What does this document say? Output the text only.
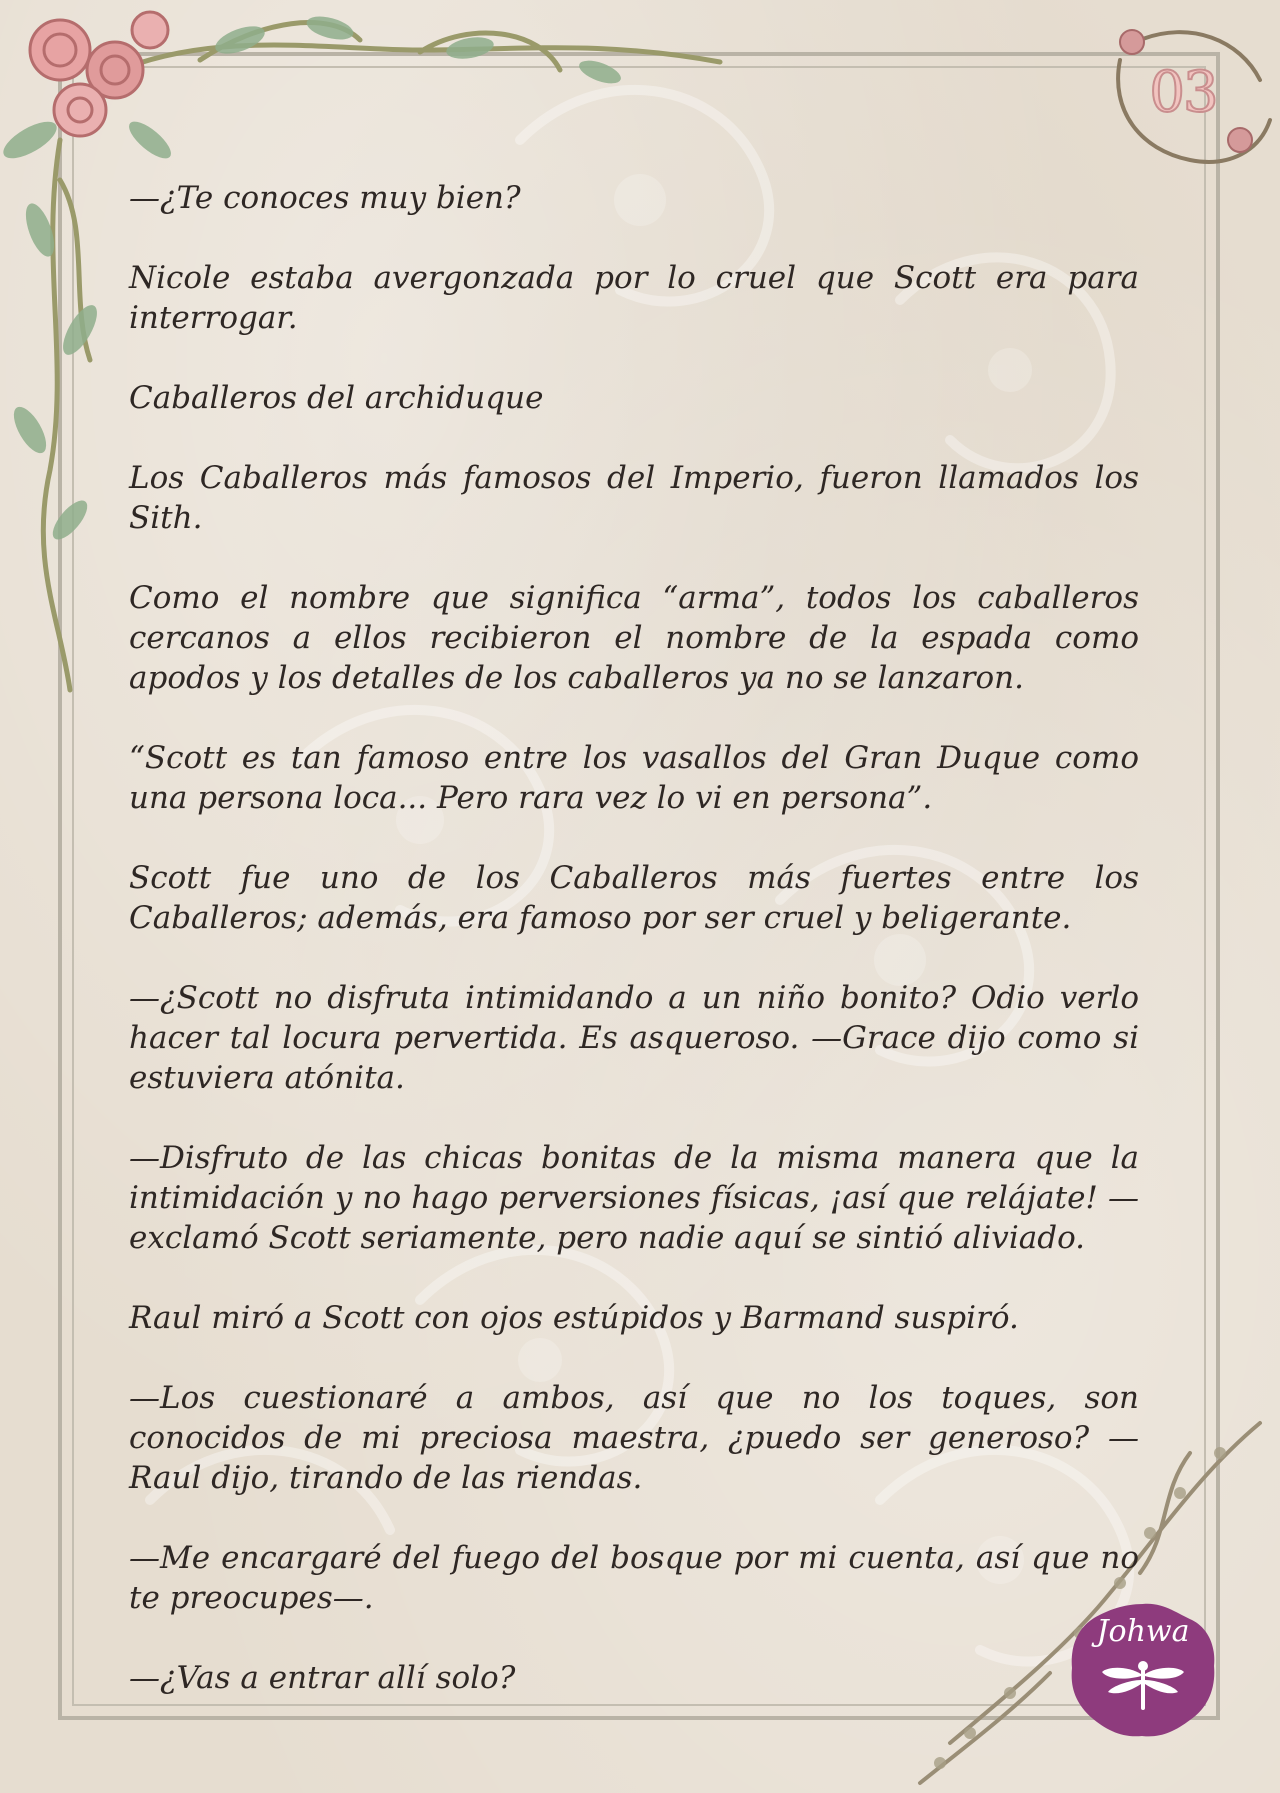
03
Johwa

—¿Te conoces muy bien?

Nicole estaba avergonzada por lo cruel que Scott era para interrogar.

Caballeros del archiduque

Los Caballeros más famosos del Imperio, fueron llamados los Sith.

Como el nombre que significa “arma”, todos los caballeros cercanos a ellos recibieron el nombre de la espada como apodos y los detalles de los caballeros ya no se lanzaron.

“Scott es tan famoso entre los vasallos del Gran Duque como una persona loca... Pero rara vez lo vi en persona”.

Scott fue uno de los Caballeros más fuertes entre los Caballeros; además, era famoso por ser cruel y beligerante.

—¿Scott no disfruta intimidando a un niño bonito? Odio verlo hacer tal locura pervertida. Es asqueroso. —Grace dijo como si estuviera atónita.

—Disfruto de las chicas bonitas de la misma manera que la intimidación y no hago perversiones físicas, ¡así que relájate! —exclamó Scott seriamente, pero nadie aquí se sintió aliviado.

Raul miró a Scott con ojos estúpidos y Barmand suspiró.

—Los cuestionaré a ambos, así que no los toques, son conocidos de mi preciosa maestra, ¿puedo ser generoso? —Raul dijo, tirando de las riendas.

—Me encargaré del fuego del bosque por mi cuenta, así que no te preocupes—.

—¿Vas a entrar allí solo?
